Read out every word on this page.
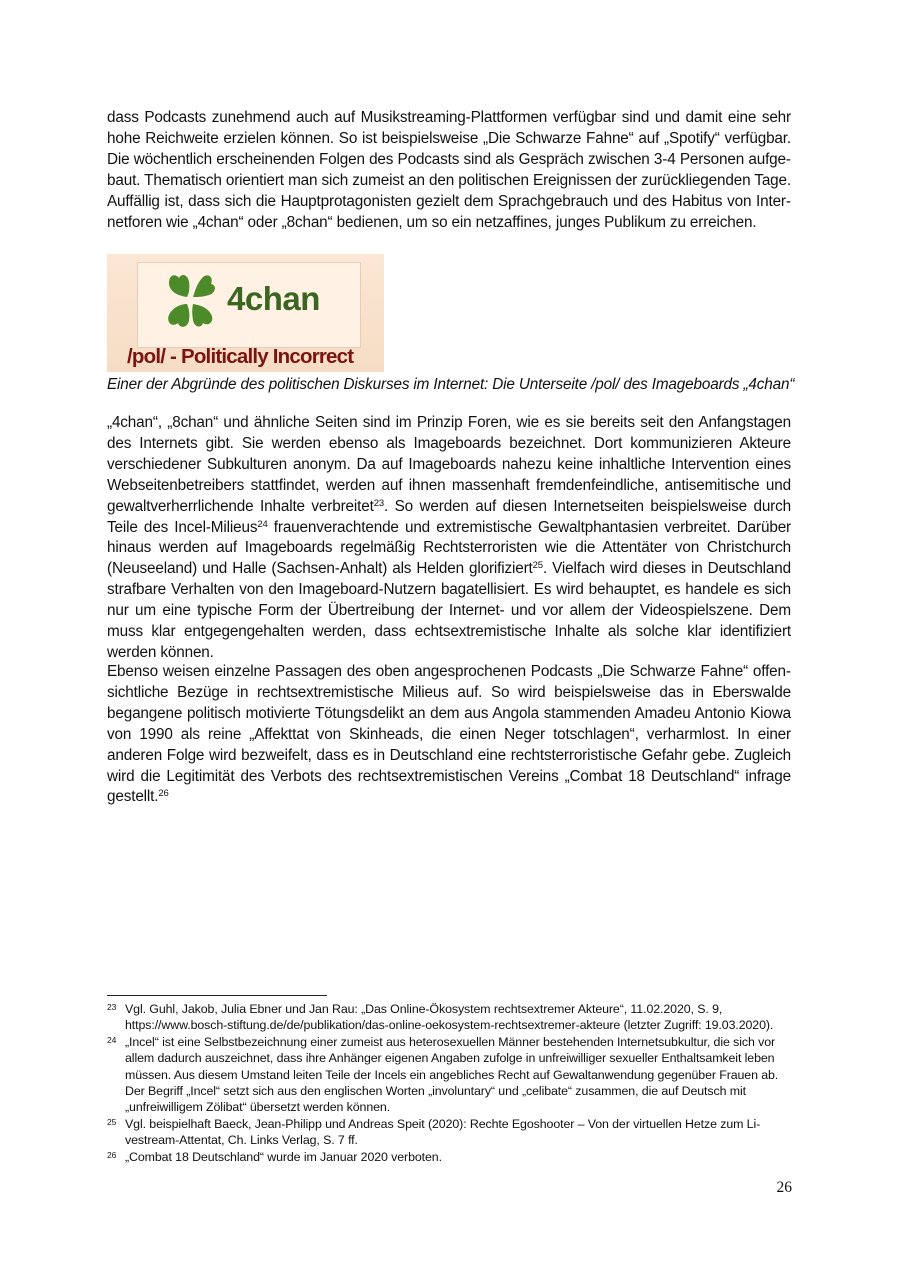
dass Podcasts zunehmend auch auf Musikstreaming-Plattformen verfügbar sind und damit eine sehr hohe Reichweite erzielen können. So ist beispielsweise „Die Schwarze Fahne“ auf „Spotify“ verfügbar. Die wöchentlich erscheinenden Folgen des Podcasts sind als Gespräch zwischen 3-4 Personen aufgebaut. Thematisch orientiert man sich zumeist an den politischen Ereignissen der zurückliegenden Tage. Auffällig ist, dass sich die Hauptprotagonisten gezielt dem Sprachgebrauch und des Habitus von Internetforen wie „4chan“ oder „8chan“ bedienen, um so ein netzaffines, junges Publikum zu erreichen.

4chan
/pol/ - Politically Incorrect
Einer der Abgründe des politischen Diskurses im Internet: Die Unterseite /pol/ des Imageboards „4chan“

„4chan“, „8chan“ und ähnliche Seiten sind im Prinzip Foren, wie es sie bereits seit den Anfangstagen des Internets gibt. Sie werden ebenso als Imageboards bezeichnet. Dort kommunizieren Akteure verschiedener Subkulturen anonym. Da auf Imageboards nahezu keine inhaltliche Intervention eines Webseitenbetreibers stattfindet, werden auf ihnen massenhaft fremdenfeindliche, antisemitische und gewaltverherrlichende Inhalte verbreitet$^{23}$. So werden auf diesen Internetseiten beispielsweise durch Teile des Incel-Milieus$^{24}$ frauenverachtende und extremistische Gewaltphantasien verbreitet. Darüber hinaus werden auf Imageboards regelmäßig Rechtsterroristen wie die Attentäter von Christchurch (Neuseeland) und Halle (Sachsen-Anhalt) als Helden glorifiziert$^{25}$. Vielfach wird dieses in Deutschland strafbare Verhalten von den Imageboard-Nutzern bagatellisiert. Es wird behauptet, es handele es sich nur um eine typische Form der Übertreibung der Internet- und vor allem der Videospielszene. Dem muss klar entgegengehalten werden, dass echtsextremistische Inhalte als solche klar identifiziert werden können.

Ebenso weisen einzelne Passagen des oben angesprochenen Podcasts „Die Schwarze Fahne“ offensichtliche Bezüge in rechtsextremistische Milieus auf. So wird beispielsweise das in Eberswalde begangene politisch motivierte Tötungsdelikt an dem aus Angola stammenden Amadeu Antonio Kiowa von 1990 als reine „Affekttat von Skinheads, die einen Neger totschlagen“, verharmlost. In einer anderen Folge wird bezweifelt, dass es in Deutschland eine rechtsterroristische Gefahr gebe. Zugleich wird die Legitimität des Verbots des rechtsextremistischen Vereins „Combat 18 Deutschland“ infrage gestellt.$^{26}$

23 Vgl. Guhl, Jakob, Julia Ebner und Jan Rau: „Das Online-Ökosystem rechtsextremer Akteure“, 11.02.2020, S. 9, https://www.bosch-stiftung.de/de/publikation/das-online-oekosystem-rechtsextremer-akteure (letzter Zugriff: 19.03.2020).
24 „Incel“ ist eine Selbstbezeichnung einer zumeist aus heterosexuellen Männer bestehenden Internetsubkultur, die sich vor allem dadurch auszeichnet, dass ihre Anhänger eigenen Angaben zufolge in unfreiwilliger sexueller Enthaltsamkeit leben müssen. Aus diesem Umstand leiten Teile der Incels ein angebliches Recht auf Gewaltanwendung gegenüber Frauen ab. Der Begriff „Incel“ setzt sich aus den englischen Worten „involuntary“ und „celibate“ zusammen, die auf Deutsch mit „unfreiwilligem Zölibat“ übersetzt werden können.
25 Vgl. beispielhaft Baeck, Jean-Philipp und Andreas Speit (2020): Rechte Egoshooter – Von der virtuellen Hetze zum Livestream-Attentat, Ch. Links Verlag, S. 7 ff.
26 „Combat 18 Deutschland“ wurde im Januar 2020 verboten.
26
